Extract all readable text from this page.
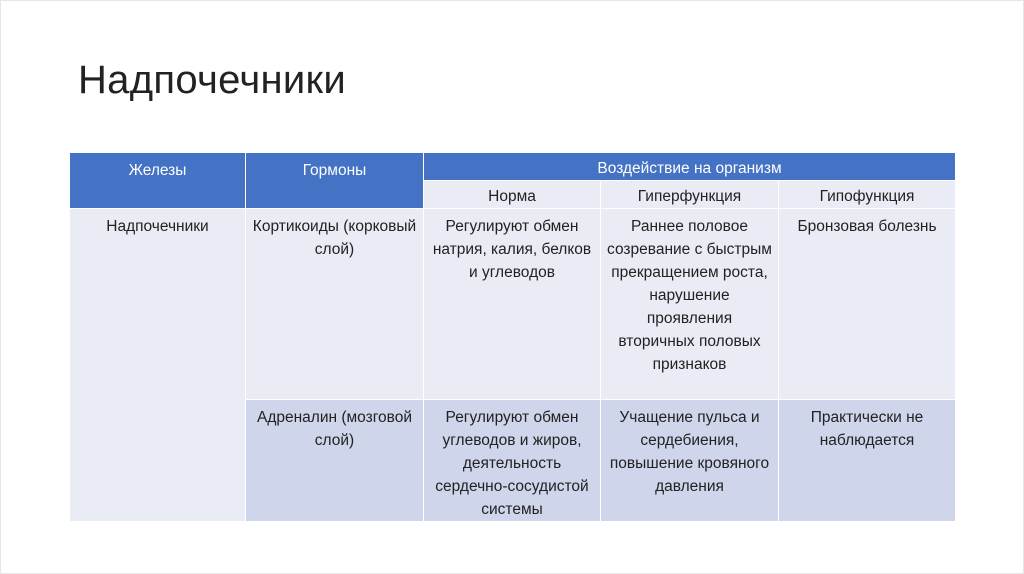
Надпочечники
Железы	Гормоны	Воздействие на организм		
		Норма	Гиперфункция	Гипофункция
Надпочечники	Кортикоиды (корковый слой)	Регулируют обмен натрия, калия, белков и углеводов	Раннее половое созревание с быстрым прекращением роста, нарушение проявления вторичных половых признаков	Бронзовая болезнь
	Адреналин (мозговой слой)	Регулируют обмен углеводов и жиров, деятельность сердечно-сосудистой системы	Учащение пульса и сердебиения, повышение кровяного давления	Практически не наблюдается
